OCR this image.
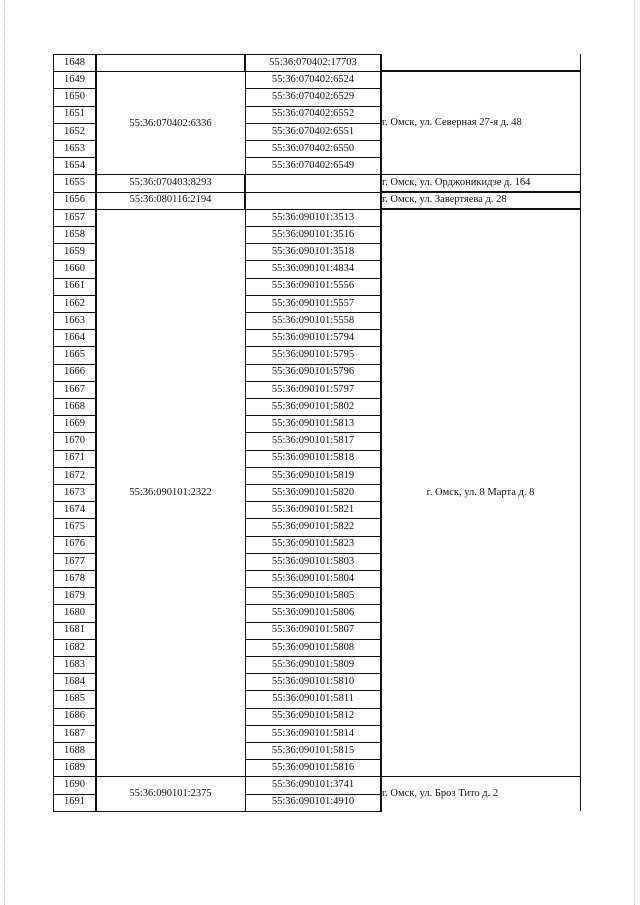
1648
1649
1650
1651
1652
1653
1654
1655
1656
1657
1658
1659
1660
1661
1662
1663
1664
1665
1666
1667
1668
1669
1670
1671
1672
1673
1674
1675
1676
1677
1678
1679
1680
1681
1682
1683
1684
1685
1686
1687
1688
1689
1690
1691
55:36:070402:6336
55:36:070403:8293
55:36:080116:2194
55:36:090101:2322
55:36:090101:2375
55:36:070402:17703
55:36:070402:6524
55:36:070402:6529
55:36:070402:6552
55:36:070402:6551
55:36:070402:6550
55:36:070402:6549
55:36:090101:3513
55:36:090101:3516
55:36:090101:3518
55:36:090101:4834
55:36:090101:5556
55:36:090101:5557
55:36:090101:5558
55:36:090101:5794
55:36:090101:5795
55:36:090101:5796
55:36:090101:5797
55:36:090101:5802
55:36:090101:5813
55:36:090101:5817
55:36:090101:5818
55:36:090101:5819
55:36:090101:5820
55:36:090101:5821
55:36:090101:5822
55:36:090101:5823
55:36:090101:5803
55:36:090101:5804
55:36:090101:5805
55:36:090101:5806
55:36:090101:5807
55:36:090101:5808
55:36:090101:5809
55:36:090101:5810
55:36:090101:5811
55:36:090101:5812
55:36:090101:5814
55:36:090101:5815
55:36:090101:5816
55:36:090101:3741
55:36:090101:4910
г. Омск, ул. Северная 27-я д. 48
г. Омск, ул. Орджоникидзе д. 164
г. Омск, ул. Завертяева д. 28
г. Омск, ул. 8 Марта д. 8
г. Омск, ул. Броз Тито д. 2
